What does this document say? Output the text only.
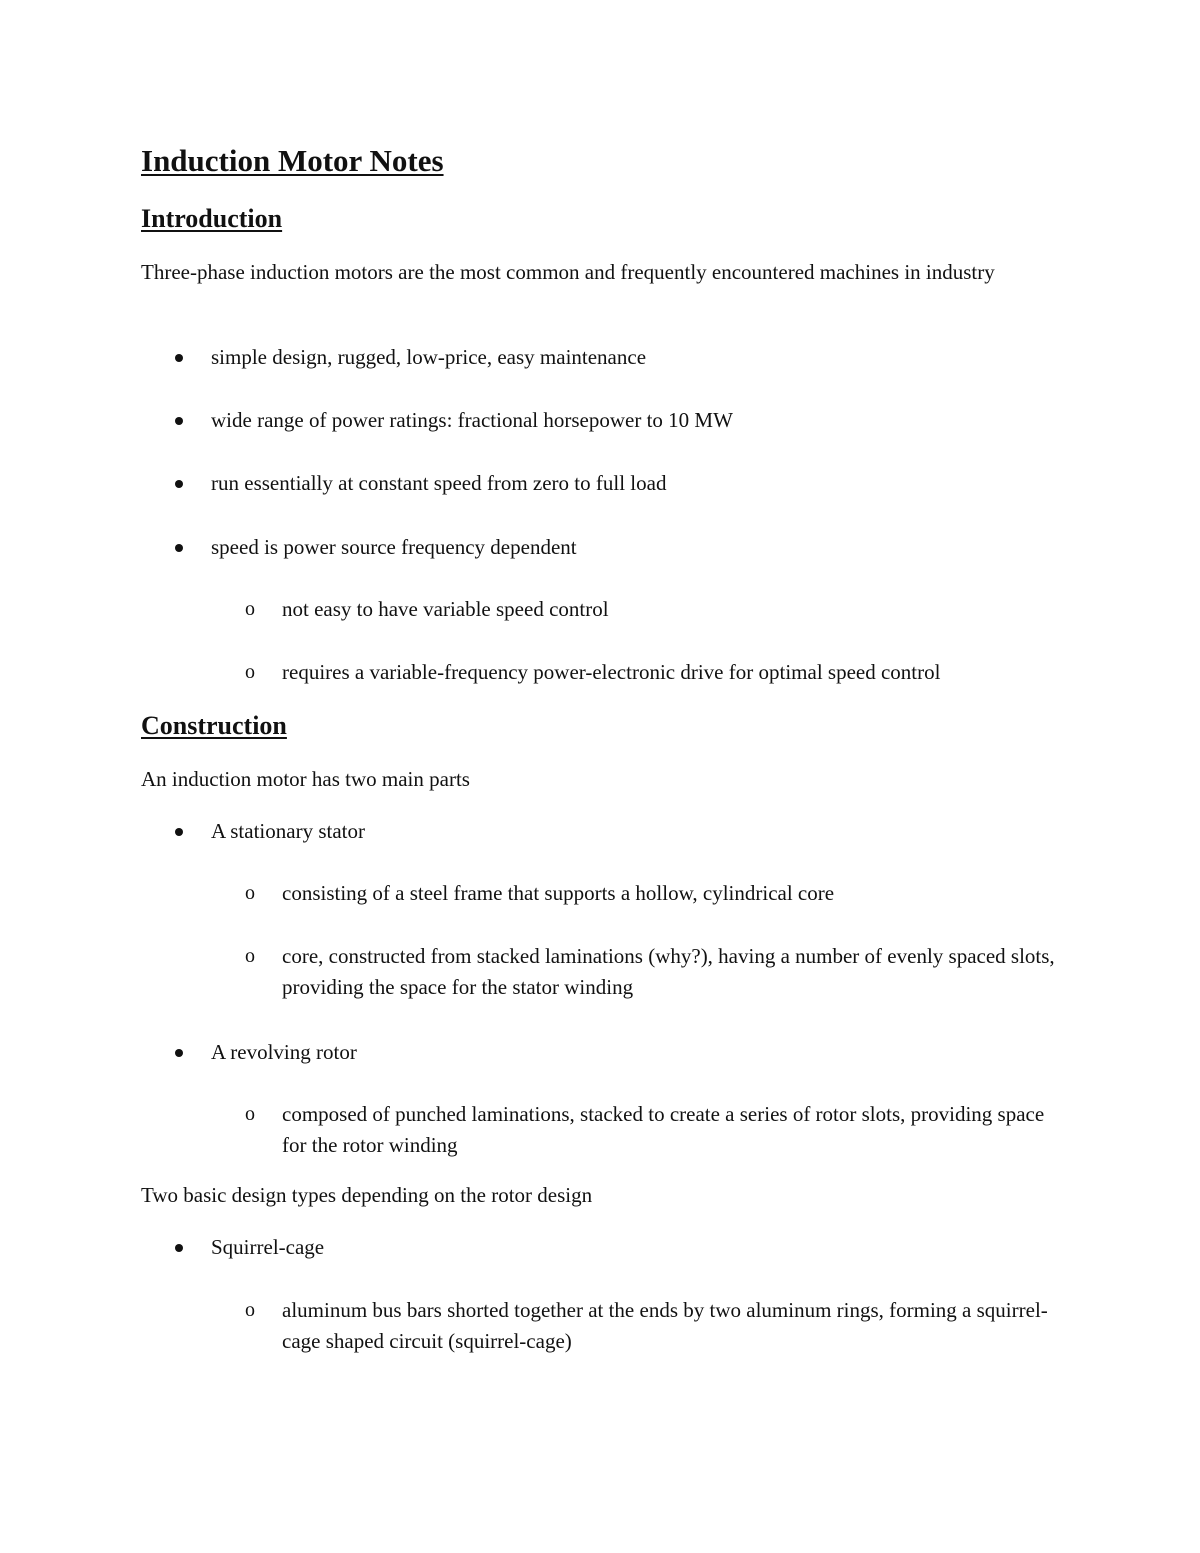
Induction Motor Notes
Introduction

Three-phase induction motors are the most common and frequently encountered machines in industry

simple design, rugged, low-price, easy maintenance
wide range of power ratings: fractional horsepower to 10 MW
run essentially at constant speed from zero to full load
speed is power source frequency dependent
o not easy to have variable speed control
o requires a variable-frequency power-electronic drive for optimal speed control
Construction

An induction motor has two main parts

A stationary stator
o consisting of a steel frame that supports a hollow, cylindrical core
o core, constructed from stacked laminations (why?), having a number of evenly spaced slots, providing the space for the stator winding
A revolving rotor
o composed of punched laminations, stacked to create a series of rotor slots, providing space for the rotor winding

Two basic design types depending on the rotor design

Squirrel-cage
o aluminum bus bars shorted together at the ends by two aluminum rings, forming a squirrel-cage shaped circuit (squirrel-cage)
